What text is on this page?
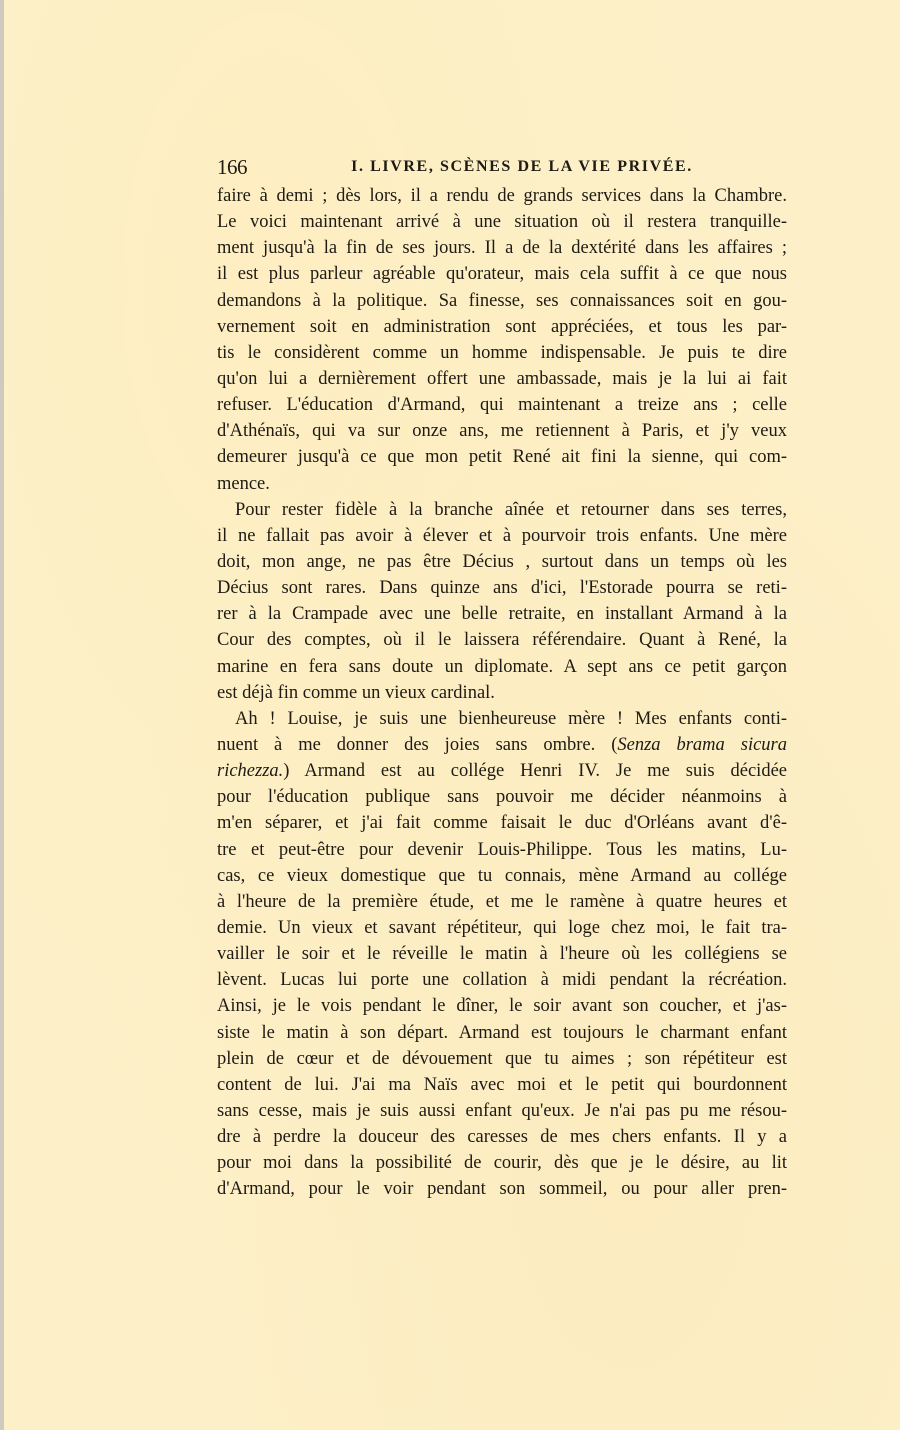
166	I. LIVRE, SCÈNES DE LA VIE PRIVÉE.
faire à demi ; dès lors, il a rendu de grands services dans la Chambre.
Le voici maintenant arrivé à une situation où il restera tranquille-
ment jusqu'à la fin de ses jours. Il a de la dextérité dans les affaires ;
il est plus parleur agréable qu'orateur, mais cela suffit à ce que nous
demandons à la politique. Sa finesse, ses connaissances soit en gou-
vernement soit en administration sont appréciées, et tous les par-
tis le considèrent comme un homme indispensable. Je puis te dire
qu'on lui a dernièrement offert une ambassade, mais je la lui ai fait
refuser. L'éducation d'Armand, qui maintenant a treize ans ; celle
d'Athénaïs, qui va sur onze ans, me retiennent à Paris, et j'y veux
demeurer jusqu'à ce que mon petit René ait fini la sienne, qui com-
mence.
Pour rester fidèle à la branche aînée et retourner dans ses terres,
il ne fallait pas avoir à élever et à pourvoir trois enfants. Une mère
doit, mon ange, ne pas être Décius , surtout dans un temps où les
Décius sont rares. Dans quinze ans d'ici, l'Estorade pourra se reti-
rer à la Crampade avec une belle retraite, en installant Armand à la
Cour des comptes, où il le laissera référendaire. Quant à René, la
marine en fera sans doute un diplomate. A sept ans ce petit garçon
est déjà fin comme un vieux cardinal.
Ah ! Louise, je suis une bienheureuse mère ! Mes enfants conti-
nuent à me donner des joies sans ombre. (Senza brama sicura
richezza.) Armand est au collége Henri IV. Je me suis décidée
pour l'éducation publique sans pouvoir me décider néanmoins à
m'en séparer, et j'ai fait comme faisait le duc d'Orléans avant d'ê-
tre et peut-être pour devenir Louis-Philippe. Tous les matins, Lu-
cas, ce vieux domestique que tu connais, mène Armand au collége
à l'heure de la première étude, et me le ramène à quatre heures et
demie. Un vieux et savant répétiteur, qui loge chez moi, le fait tra-
vailler le soir et le réveille le matin à l'heure où les collégiens se
lèvent. Lucas lui porte une collation à midi pendant la récréation.
Ainsi, je le vois pendant le dîner, le soir avant son coucher, et j'as-
siste le matin à son départ. Armand est toujours le charmant enfant
plein de cœur et de dévouement que tu aimes ; son répétiteur est
content de lui. J'ai ma Naïs avec moi et le petit qui bourdonnent
sans cesse, mais je suis aussi enfant qu'eux. Je n'ai pas pu me résou-
dre à perdre la douceur des caresses de mes chers enfants. Il y a
pour moi dans la possibilité de courir, dès que je le désire, au lit
d'Armand, pour le voir pendant son sommeil, ou pour aller pren-
